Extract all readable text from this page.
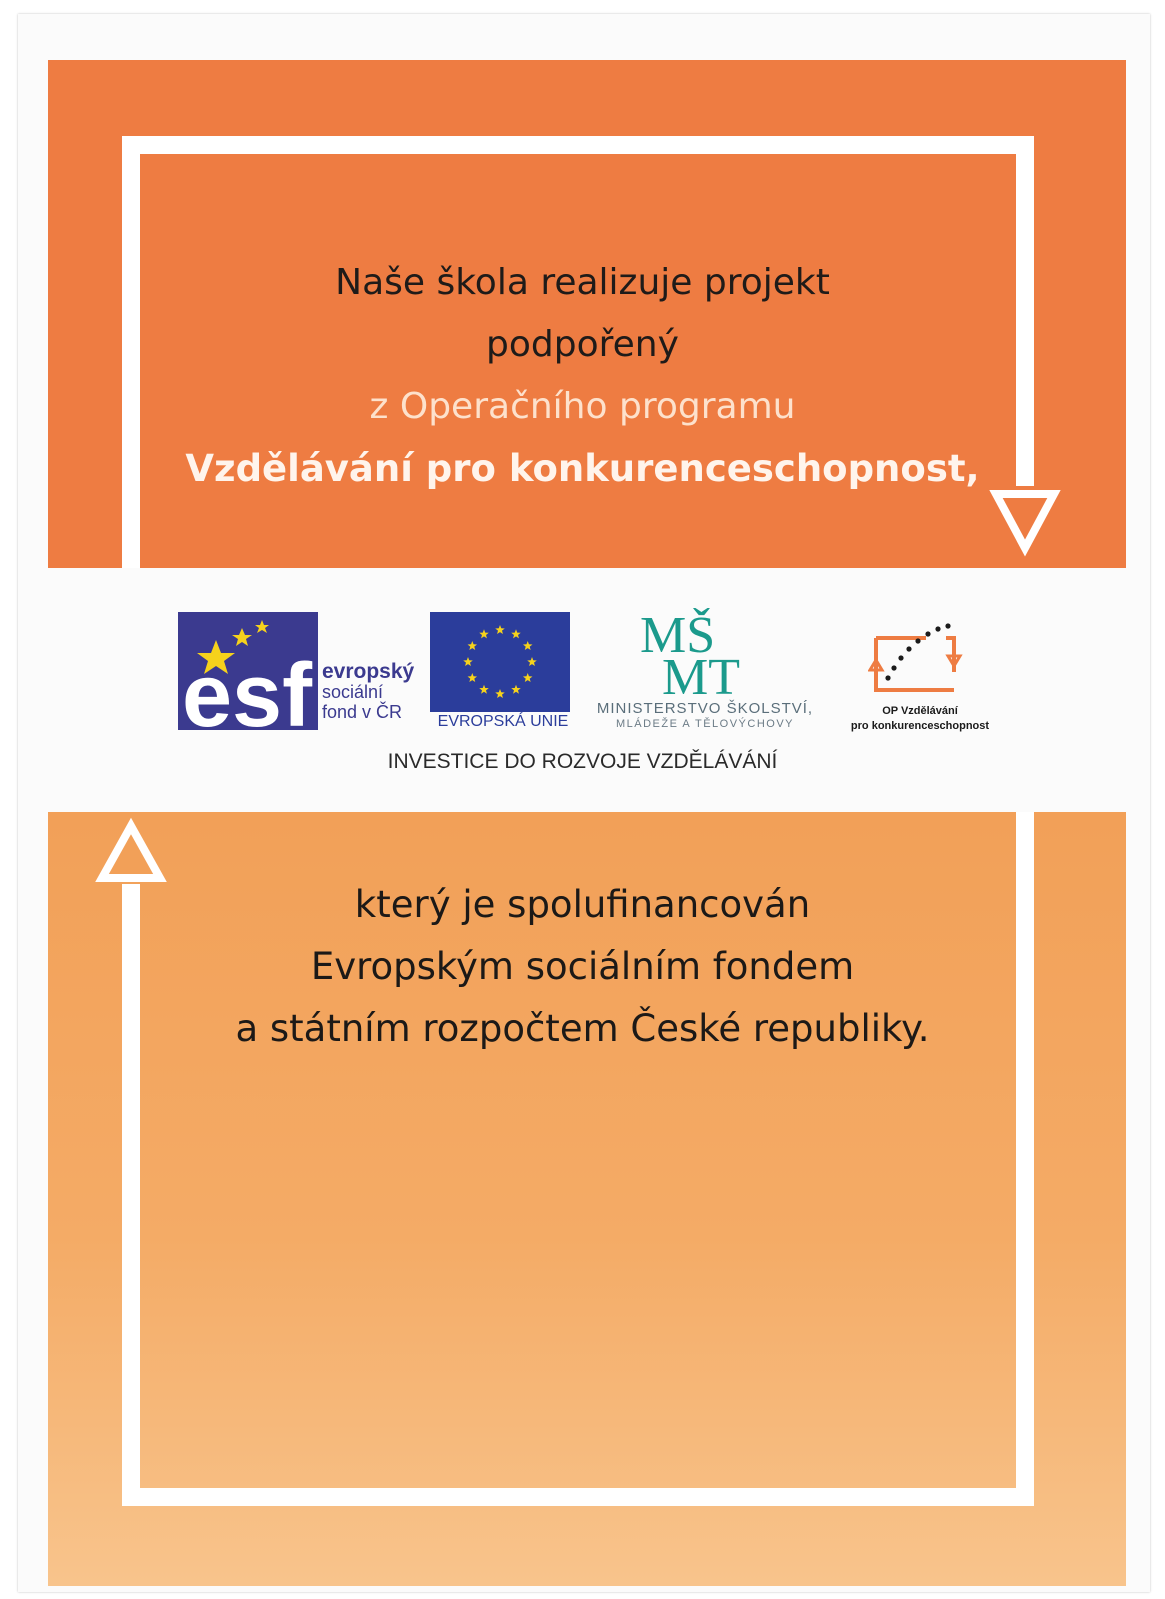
Naše škola realizuje projekt
podpořený
z Operačního programu
Vzdělávání pro konkurenceschopnost,
esf evropský
sociální
fond v ČR	EVROPSKÁ UNIE
MŠ
MT
MINISTERSTVO ŠKOLSTVÍ,
MLÁDEŽE A TĚLOVÝCHOVY
OP Vzdělávání
pro konkurenceschopnost
INVESTICE DO ROZVOJE VZDĚLÁVÁNÍ
který je spolufinancován
Evropským sociálním fondem
a státním rozpočtem České republiky.
